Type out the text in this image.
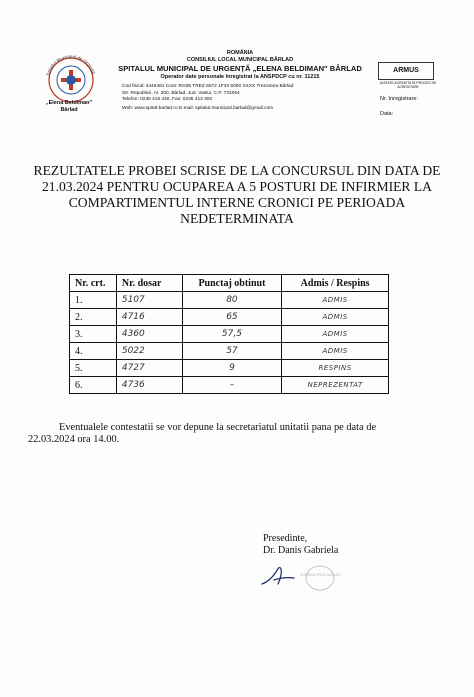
Spitalul Municipal de Urgență
„Elena Beldiman"
Bârlad
ROMÂNIA
CONSILIUL LOCAL MUNICIPAL BÂRLAD
SPITALUL MUNICIPAL DE URGENȚĂ „ELENA BELDIMAN" BÂRLAD
Operator date personale înregistrat la ANSPDCP cu nr. 11215
Cod fiscal: 4446481 Cont: RO35 TREZ 6572 1F33 5000 XXXX Trezoreria Bârlad
Str. Republicii, nr. 300, Bârlad, Jud. Vaslui, C.P. 731064
Telefon: 0235 416 440, Fax: 0235 413 300
Web: www.spital-barlad.ro E-mail: spitalul.municipal.barlad@gmail.com
ARMUS
UNITATE ACREDITATĂ PROCES DE ACREDITARE
Nr. înregistrare:
Data:
REZULTATELE PROBEI SCRISE DE LA CONCURSUL DIN DATA DE 21.03.2024 PENTRU OCUPAREA A 5 POSTURI DE INFIRMIER LA COMPARTIMENTUL INTERNE CRONICI PE PERIOADA NEDETERMINATA
Nr. crt.	Nr. dosar	Punctaj obtinut	Admis / Respins
1.	5107	80	ADMIS
2.	4716	65	ADMIS
3.	4360	57,5	ADMIS
4.	5022	57	ADMIS
5.	4727	9	RESPINS
6.	4736	–	NEPREZENTAT
Eventualele contestatii se vor depune la secretariatul unitatii pana pe data de
22.03.2024 ora 14.00.
Presedinte,
Dr. Danis Gabriela
ROMÂNIA SPITAL BÂRLAD
